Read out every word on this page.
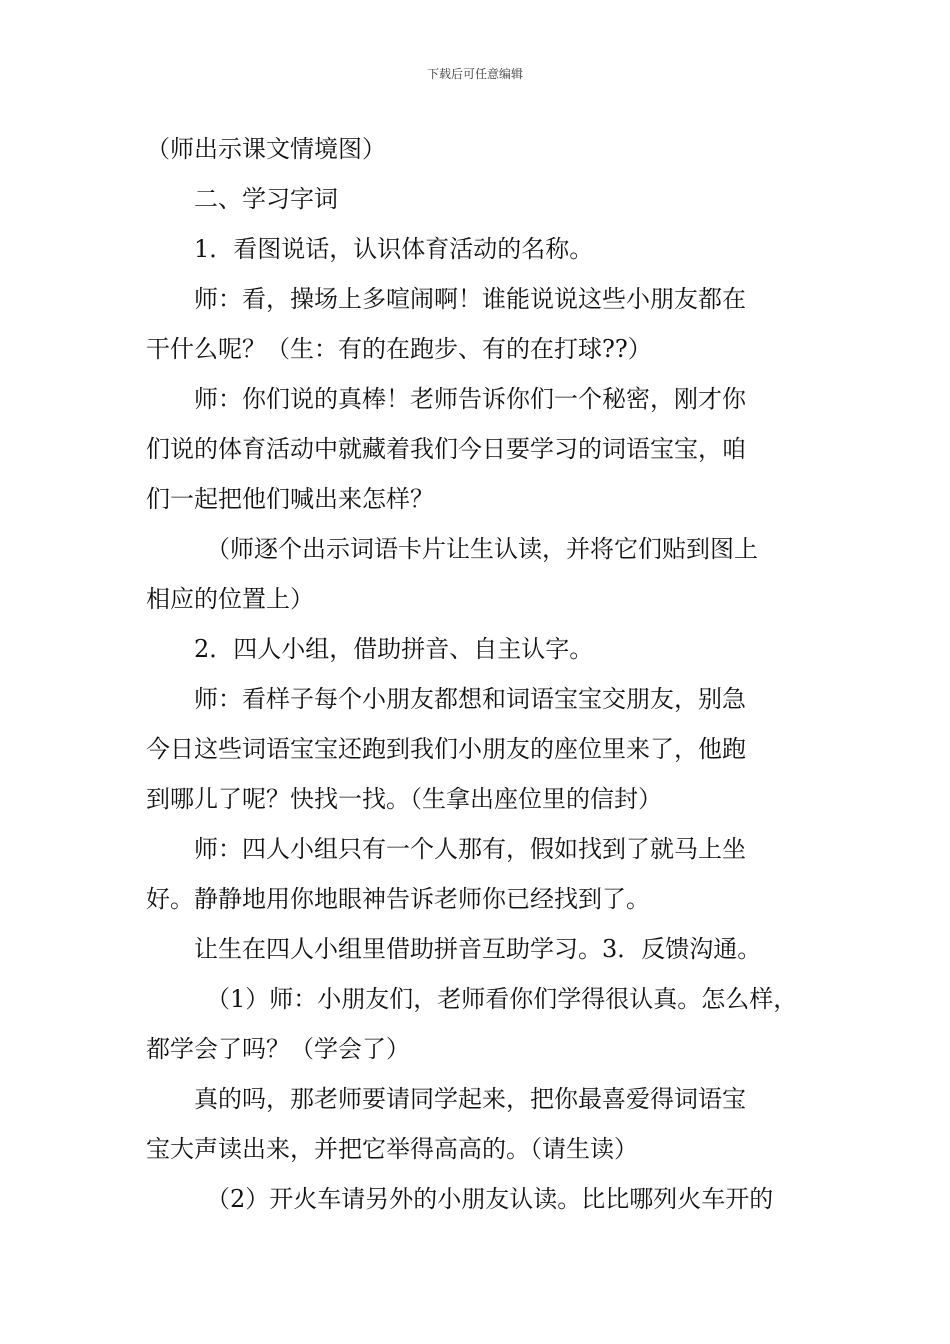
下载后可任意编辑
（师出示课文情境图）
二、学习字词
1．看图说话，认识体育活动的名称。
师：看，操场上多喧闹啊！谁能说说这些小朋友都在
干什么呢？（生：有的在跑步、有的在打球??）
师：你们说的真棒！老师告诉你们一个秘密，刚才你
们说的体育活动中就藏着我们今日要学习的词语宝宝，咱
们一起把他们喊出来怎样？
（师逐个出示词语卡片让生认读，并将它们贴到图上
相应的位置上）
2．四人小组，借助拼音、自主认字。
师：看样子每个小朋友都想和词语宝宝交朋友，别急
今日这些词语宝宝还跑到我们小朋友的座位里来了，他跑
到哪儿了呢？快找一找。（生拿出座位里的信封）
师：四人小组只有一个人那有，假如找到了就马上坐
好。静静地用你地眼神告诉老师你已经找到了。
让生在四人小组里借助拼音互助学习。3．反馈沟通。
（1）师：小朋友们，老师看你们学得很认真。怎么样，
都学会了吗？（学会了）
真的吗，那老师要请同学起来，把你最喜爱得词语宝
宝大声读出来，并把它举得高高的。（请生读）
（2）开火车请另外的小朋友认读。比比哪列火车开的
